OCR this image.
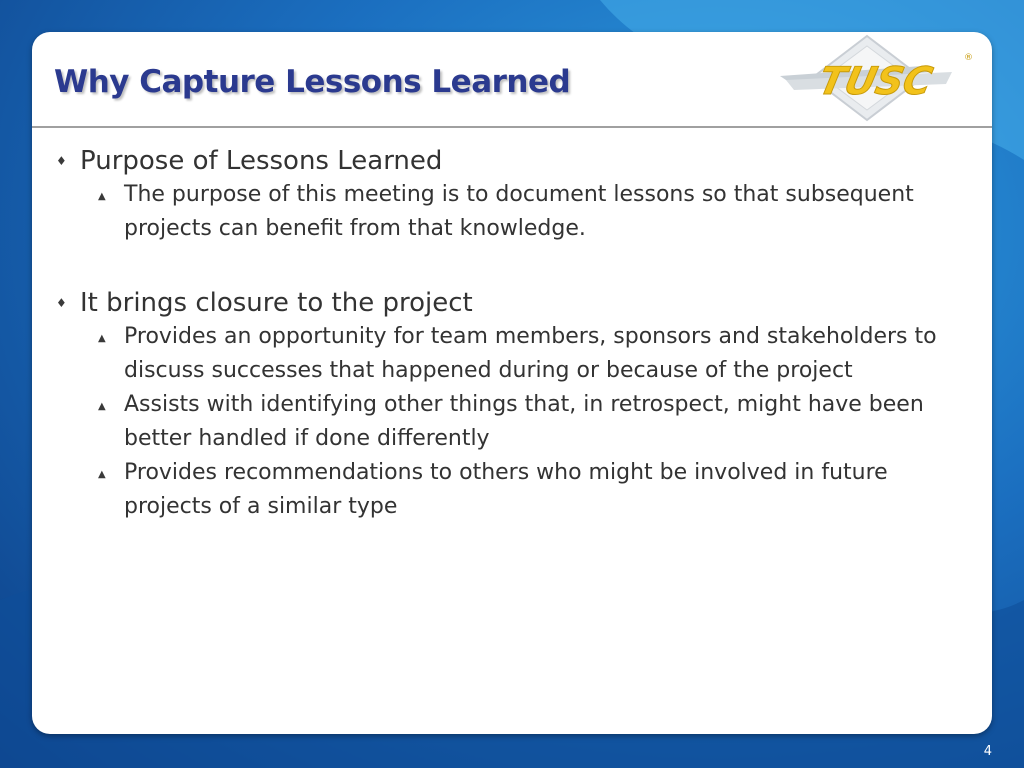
Why Capture Lessons Learned	TUSC
®
♦ Purpose of Lessons Learned
▲ The purpose of this meeting is to document lessons so that subsequent projects can benefit from that knowledge.
♦ It brings closure to the project
▲ Provides an opportunity for team members, sponsors and stakeholders to discuss successes that happened during or because of the project
▲ Assists with identifying other things that, in retrospect, might have been better handled if done differently
▲ Provides recommendations to others who might be involved in future projects of a similar type
4
